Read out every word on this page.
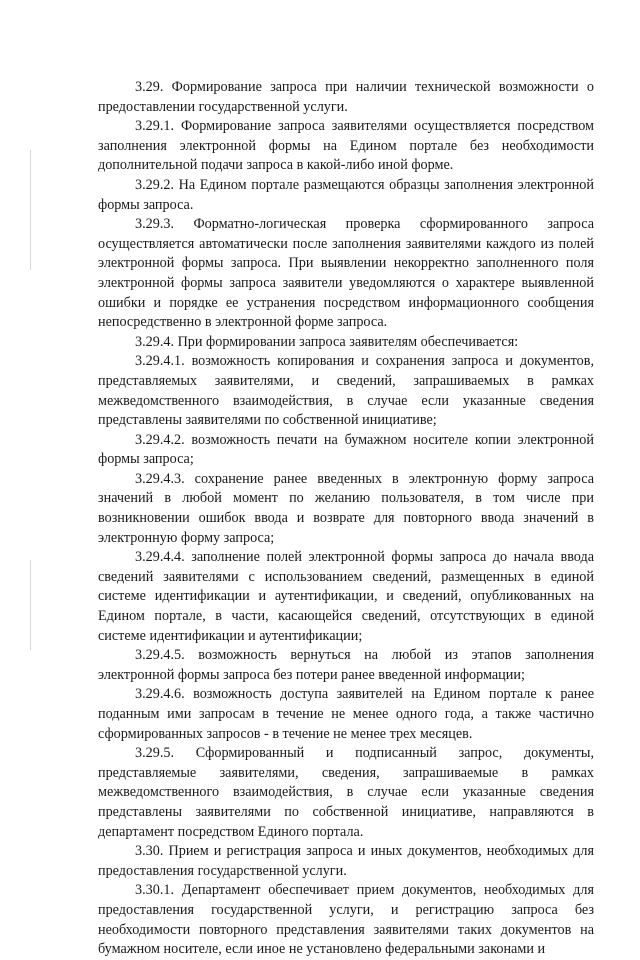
3.29. Формирование запроса при наличии технической возможности о предоставлении государственной услуги.

3.29.1. Формирование запроса заявителями осуществляется посредством заполнения электронной формы на Едином портале без необходимости дополнительной подачи запроса в какой-либо иной форме.

3.29.2. На Едином портале размещаются образцы заполнения электронной формы запроса.

3.29.3. Форматно-логическая проверка сформированного запроса осуществляется автоматически после заполнения заявителями каждого из полей электронной формы запроса. При выявлении некорректно заполненного поля электронной формы запроса заявители уведомляются о характере выявленной ошибки и порядке ее устранения посредством информационного сообщения непосредственно в электронной форме запроса.

3.29.4. При формировании запроса заявителям обеспечивается:

3.29.4.1. возможность копирования и сохранения запроса и документов, представляемых заявителями, и сведений, запрашиваемых в рамках межведомственного взаимодействия, в случае если указанные сведения представлены заявителями по собственной инициативе;

3.29.4.2. возможность печати на бумажном носителе копии электронной формы запроса;

3.29.4.3. сохранение ранее введенных в электронную форму запроса значений в любой момент по желанию пользователя, в том числе при возникновении ошибок ввода и возврате для повторного ввода значений в электронную форму запроса;

3.29.4.4. заполнение полей электронной формы запроса до начала ввода сведений заявителями с использованием сведений, размещенных в единой системе идентификации и аутентификации, и сведений, опубликованных на Едином портале, в части, касающейся сведений, отсутствующих в единой системе идентификации и аутентификации;

3.29.4.5. возможность вернуться на любой из этапов заполнения электронной формы запроса без потери ранее введенной информации;

3.29.4.6. возможность доступа заявителей на Едином портале к ранее поданным ими запросам в течение не менее одного года, а также частично сформированных запросов - в течение не менее трех месяцев.

3.29.5. Сформированный и подписанный запрос, документы, представляемые заявителями, сведения, запрашиваемые в рамках межведомственного взаимодействия, в случае если указанные сведения представлены заявителями по собственной инициативе, направляются в департамент посредством Единого портала.

3.30. Прием и регистрация запроса и иных документов, необходимых для предоставления государственной услуги.

3.30.1. Департамент обеспечивает прием документов, необходимых для предоставления государственной услуги, и регистрацию запроса без необходимости повторного представления заявителями таких документов на бумажном носителе, если иное не установлено федеральными законами и
